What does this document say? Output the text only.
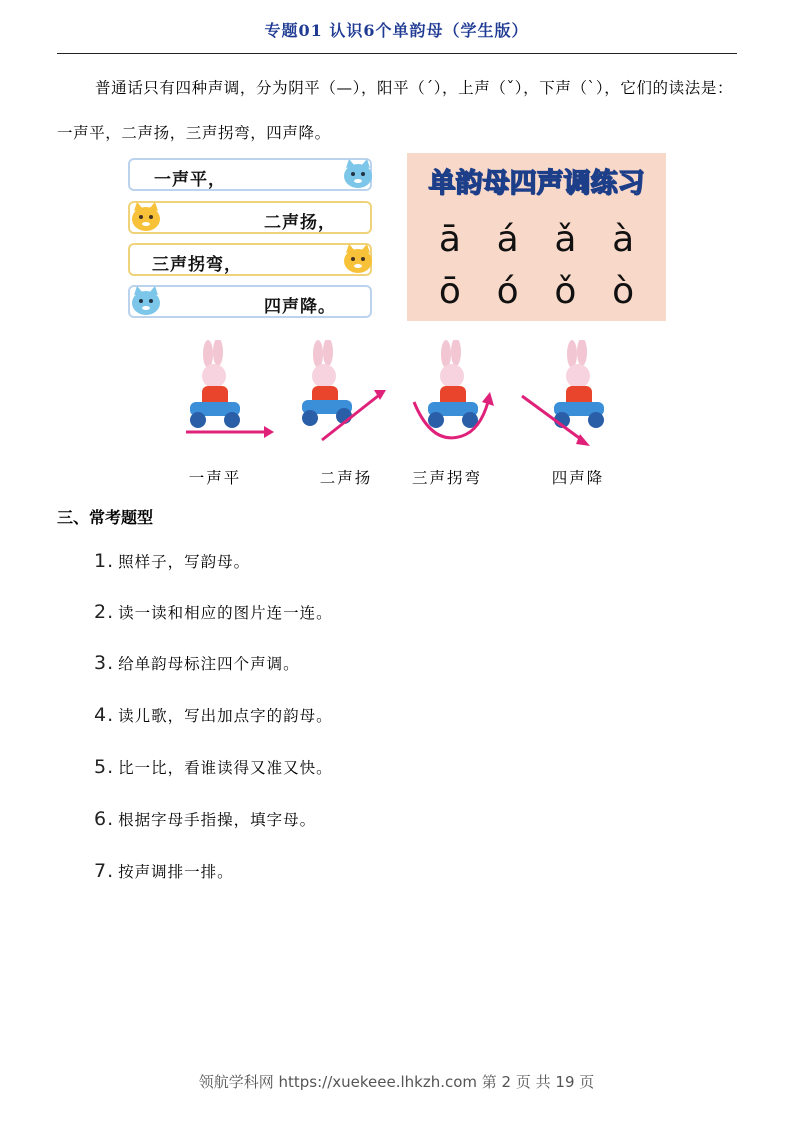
专题01 认识6个单韵母（学生版）
普通话只有四种声调，分为阴平（—），阳平（ˊ），上声（ˇ），下声（ˋ），它们的读法是：一声平，二声扬，三声拐弯，四声降。
一声平，
二声扬，
三声拐弯，
四声降。
单韵母四声调练习
ā á ǎ à
ō ó ǒ ò
一声平	二声扬	三声拐弯	四声降
三、常考题型
1. 照样子，写韵母。
2. 读一读和相应的图片连一连。
3. 给单韵母标注四个声调。
4. 读儿歌，写出加点字的韵母。
5. 比一比，看谁读得又准又快。
6. 根据字母手指操，填字母。
7. 按声调排一排。
领航学科网 https://xuekeee.lhkzh.com 第 2 页 共 19 页
